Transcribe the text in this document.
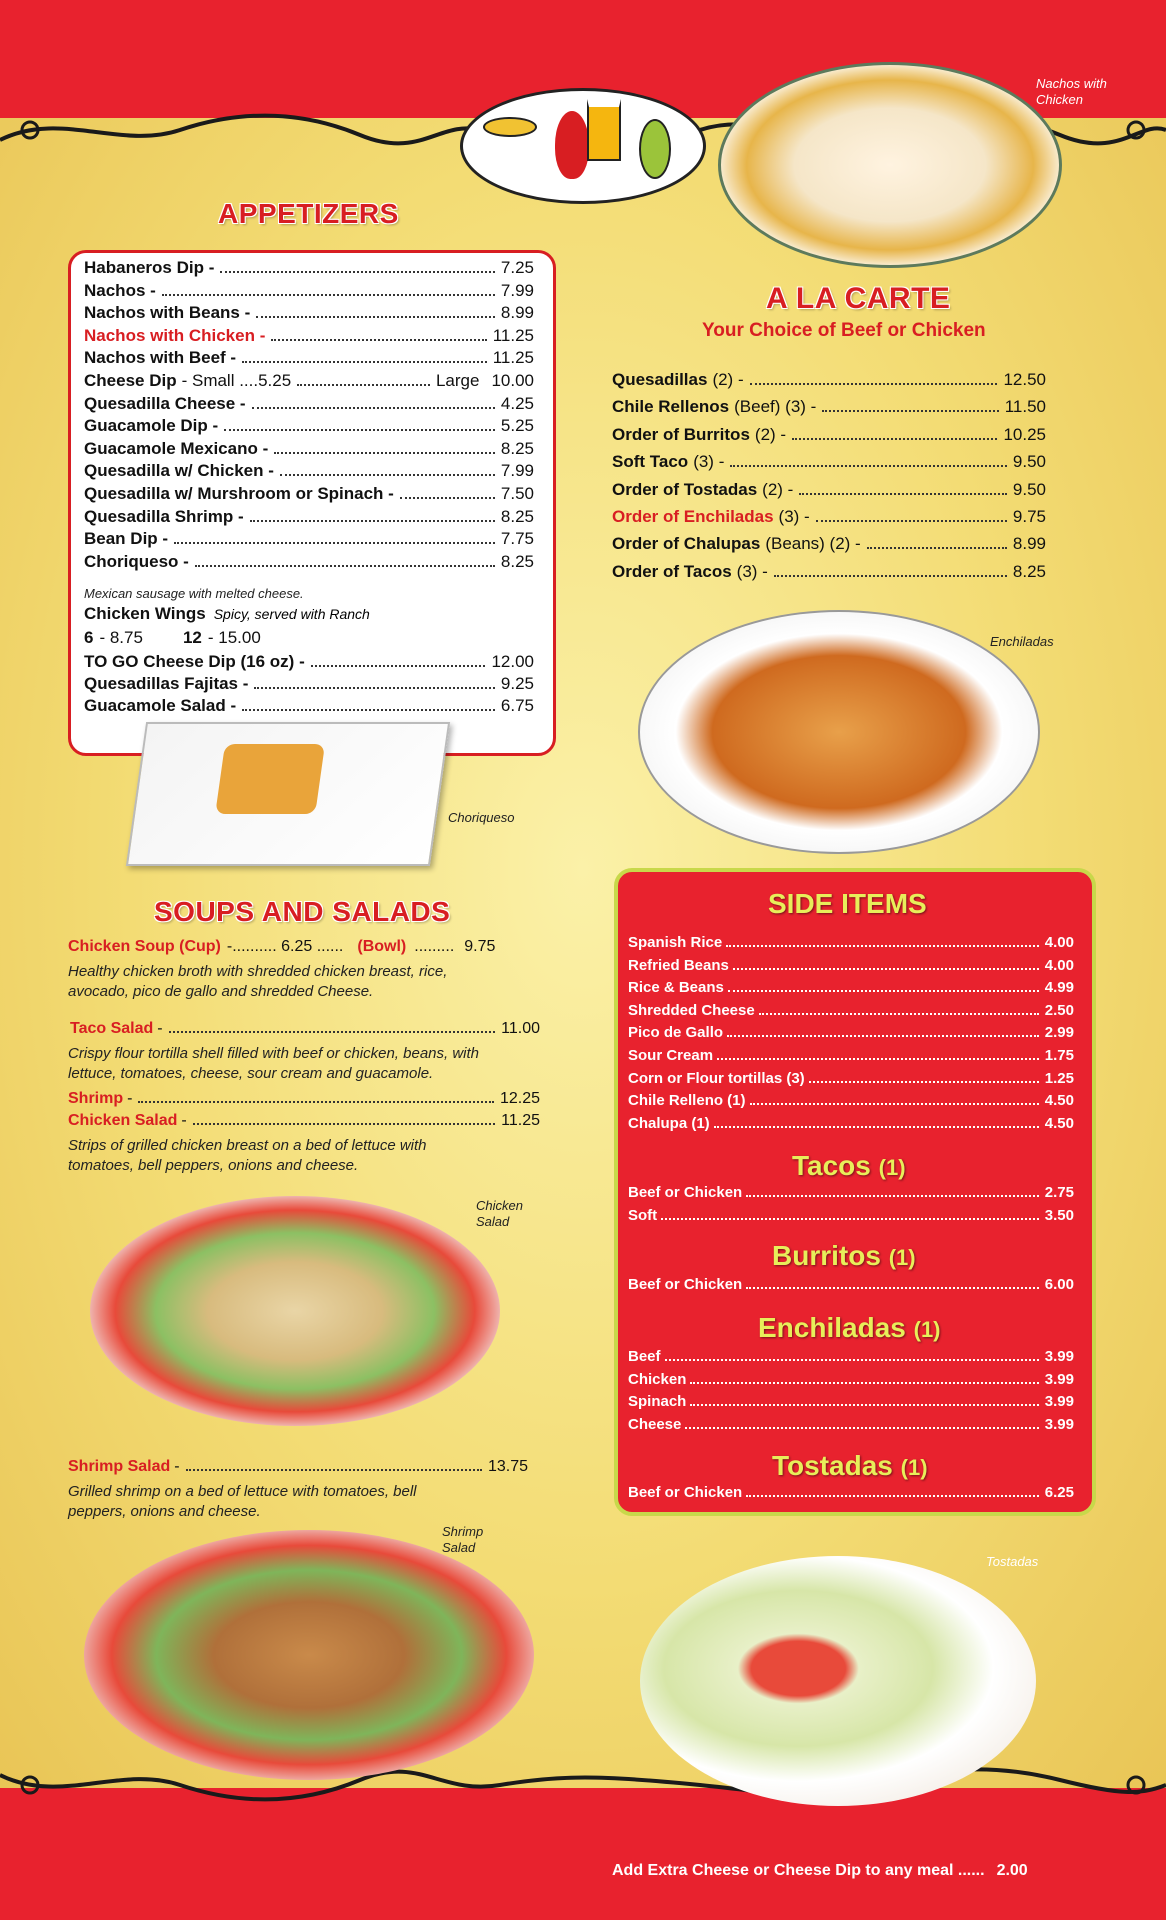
Nachos with Chicken
APPETIZERS
Habaneros Dip -	7.25
Nachos -	7.99
Nachos with Beans -	8.99
Nachos with Chicken -	11.25
Nachos with Beef -	11.25
Cheese Dip - Small ....5.25	Large 10.00
Quesadilla Cheese -	4.25
Guacamole Dip -	5.25
Guacamole Mexicano -	8.25
Quesadilla w/ Chicken -	7.99
Quesadilla w/ Murshroom or Spinach -	7.50
Quesadilla Shrimp -	8.25
Bean Dip -	7.75
Choriqueso -	8.25
Mexican sausage with melted cheese.
Chicken Wings Spicy, served with Ranch
6 - 8.75 12 - 15.00
TO GO Cheese Dip (16 oz) -	12.00
Quesadillas Fajitas -	9.25
Guacamole Salad -	6.75
Choriqueso
A LA CARTE
Your Choice of Beef or Chicken
Quesadillas (2) -	12.50
Chile Rellenos (Beef) (3) -	11.50
Order of Burritos (2) -	10.25
Soft Taco (3) -	9.50
Order of Tostadas (2) -	9.50
Order of Enchiladas (3) -	9.75
Order of Chalupas (Beans) (2) -	8.99
Order of Tacos (3) -	8.25
Enchiladas
SOUPS AND SALADS
Chicken Soup (Cup) -.......... 6.25 ...... (Bowl) ......... 9.75
Healthy chicken broth with shredded chicken breast, rice, avocado, pico de gallo and shredded Cheese.
Taco Salad -	11.00
Crispy flour tortilla shell filled with beef or chicken, beans, with lettuce, tomatoes, cheese, sour cream and guacamole.
Shrimp -	12.25
Chicken Salad -	11.25
Strips of grilled chicken breast on a bed of lettuce with tomatoes, bell peppers, onions and cheese.
Chicken Salad
Shrimp Salad -	13.75
Grilled shrimp on a bed of lettuce with tomatoes, bell peppers, onions and cheese.
Shrimp Salad
SIDE ITEMS
Spanish Rice	4.00
Refried Beans	4.00
Rice & Beans	4.99
Shredded Cheese	2.50
Pico de Gallo	2.99
Sour Cream	1.75
Corn or Flour tortillas (3)	1.25
Chile Relleno (1)	4.50
Chalupa (1)	4.50
Tacos (1)
Beef or Chicken	2.75
Soft	3.50
Burritos (1)
Beef or Chicken	6.00
Enchiladas (1)
Beef	3.99
Chicken	3.99
Spinach	3.99
Cheese	3.99
Tostadas (1)
Beef or Chicken	6.25
Tostadas
Add Extra Cheese or Cheese Dip to any meal ...... 2.00
